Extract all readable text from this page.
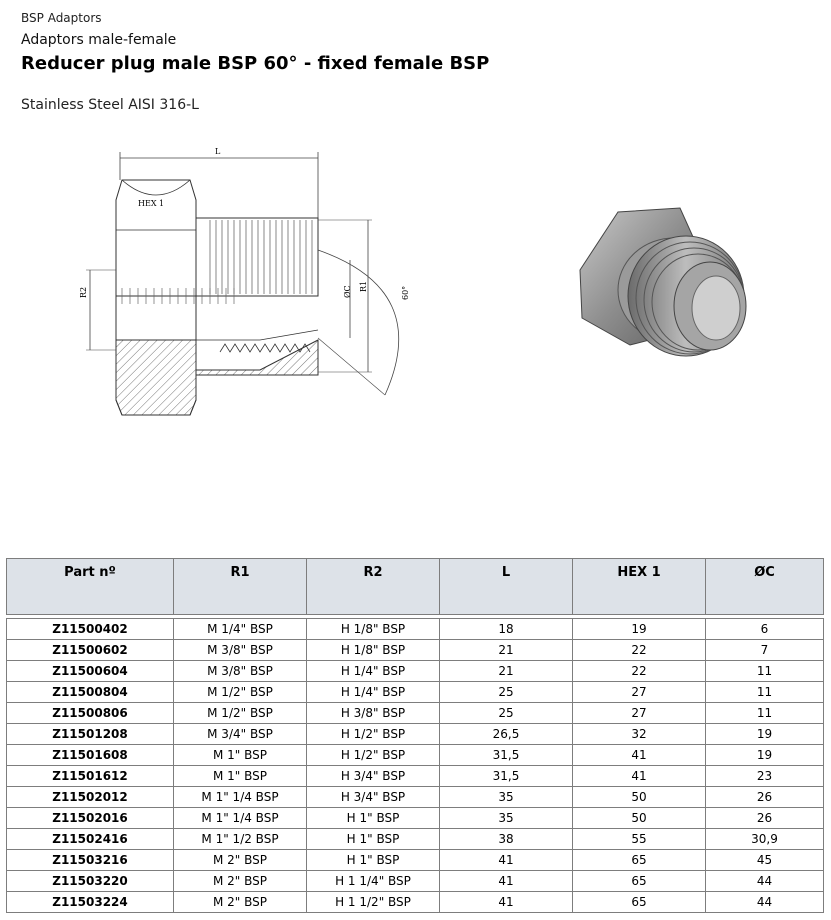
BSP Adaptors
Adaptors male-female
Reducer plug male BSP 60° - fixed female BSP
Stainless Steel AISI 316-L
L
HEX 1
R2	ØC R1	60°
Part nº	R1	R2	L	HEX 1	ØC

Z11500402	M 1/4" BSP	H 1/8" BSP	18	19	6
Z11500602	M 3/8" BSP	H 1/8" BSP	21	22	7
Z11500604	M 3/8" BSP	H 1/4" BSP	21	22	11
Z11500804	M 1/2" BSP	H 1/4" BSP	25	27	11
Z11500806	M 1/2" BSP	H 3/8" BSP	25	27	11
Z11501208	M 3/4" BSP	H 1/2" BSP	26,5	32	19
Z11501608	M 1" BSP	H 1/2" BSP	31,5	41	19
Z11501612	M 1" BSP	H 3/4" BSP	31,5	41	23
Z11502012	M 1" 1/4 BSP	H 3/4" BSP	35	50	26
Z11502016	M 1" 1/4 BSP	H 1" BSP	35	50	26
Z11502416	M 1" 1/2 BSP	H 1" BSP	38	55	30,9
Z11503216	M 2" BSP	H 1" BSP	41	65	45
Z11503220	M 2" BSP	H 1 1/4" BSP	41	65	44
Z11503224	M 2" BSP	H 1 1/2" BSP	41	65	44
